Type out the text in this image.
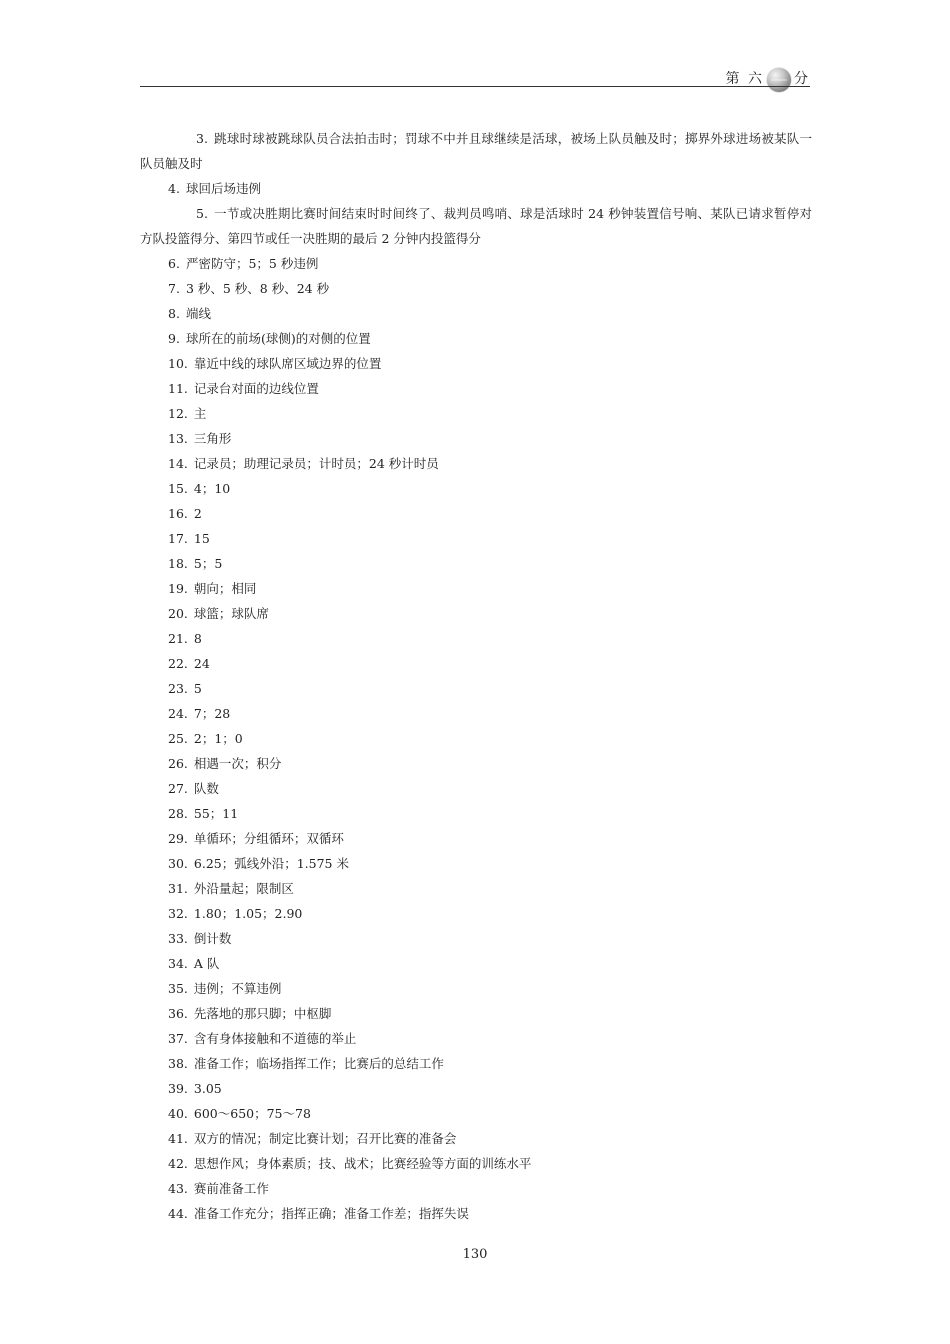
第 六 分

3. 跳球时球被跳球队员合法拍击时；罚球不中并且球继续是活球，被场上队员触及时；掷界外球进场被某队一队员触及时

4. 球回后场违例

5. 一节或决胜期比赛时间结束时时间终了、裁判员鸣哨、球是活球时 24 秒钟装置信号响、某队已请求暂停对方队投篮得分、第四节或任一决胜期的最后 2 分钟内投篮得分

6. 严密防守；5；5 秒违例

7. 3 秒、5 秒、8 秒、24 秒

8. 端线

9. 球所在的前场(球侧)的对侧的位置

10. 靠近中线的球队席区域边界的位置

11. 记录台对面的边线位置

12. 主

13. 三角形

14. 记录员；助理记录员；计时员；24 秒计时员

15. 4；10

16. 2

17. 15

18. 5；5

19. 朝向；相同

20. 球篮；球队席

21. 8

22. 24

23. 5

24. 7；28

25. 2；1；0

26. 相遇一次；积分

27. 队数

28. 55；11

29. 单循环；分组循环；双循环

30. 6.25；弧线外沿；1.575 米

31. 外沿量起；限制区

32. 1.80；1.05；2.90

33. 倒计数

34. A 队

35. 违例；不算违例

36. 先落地的那只脚；中枢脚

37. 含有身体接触和不道德的举止

38. 准备工作；临场指挥工作；比赛后的总结工作

39. 3.05

40. 600～650；75～78

41. 双方的情况；制定比赛计划；召开比赛的准备会

42. 思想作风；身体素质；技、战术；比赛经验等方面的训练水平

43. 赛前准备工作

44. 准备工作充分；指挥正确；准备工作差；指挥失误

130
